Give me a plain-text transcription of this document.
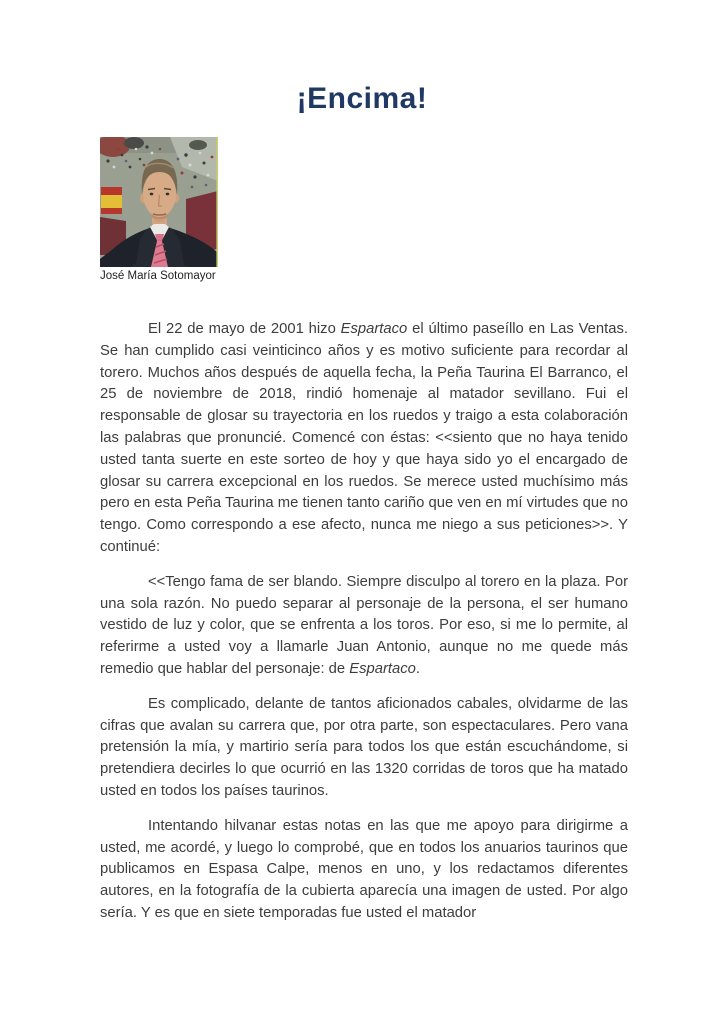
¡Encima!
José María Sotomayor

El 22 de mayo de 2001 hizo Espartaco el último paseíllo en Las Ventas. Se han cumplido casi veinticinco años y es motivo suficiente para recordar al torero. Muchos años después de aquella fecha, la Peña Taurina El Barranco, el 25 de noviembre de 2018, rindió homenaje al matador sevillano. Fui el responsable de glosar su trayectoria en los ruedos y traigo a esta colaboración las palabras que pronuncié. Comencé con éstas: <<siento que no haya tenido usted tanta suerte en este sorteo de hoy y que haya sido yo el encargado de glosar su carrera excepcional en los ruedos. Se merece usted muchísimo más pero en esta Peña Taurina me tienen tanto cariño que ven en mí virtudes que no tengo. Como correspondo a ese afecto, nunca me niego a sus peticiones>>. Y continué:

<<Tengo fama de ser blando. Siempre disculpo al torero en la plaza. Por una sola razón. No puedo separar al personaje de la persona, el ser humano vestido de luz y color, que se enfrenta a los toros. Por eso, si me lo permite, al referirme a usted voy a llamarle Juan Antonio, aunque no me quede más remedio que hablar del personaje: de Espartaco.

Es complicado, delante de tantos aficionados cabales, olvidarme de las cifras que avalan su carrera que, por otra parte, son espectaculares. Pero vana pretensión la mía, y martirio sería para todos los que están escuchándome, si pretendiera decirles lo que ocurrió en las 1320 corridas de toros que ha matado usted en todos los países taurinos.

Intentando hilvanar estas notas en las que me apoyo para dirigirme a usted, me acordé, y luego lo comprobé, que en todos los anuarios taurinos que publicamos en Espasa Calpe, menos en uno, y los redactamos diferentes autores, en la fotografía de la cubierta aparecía una imagen de usted. Por algo sería. Y es que en siete temporadas fue usted el matador
